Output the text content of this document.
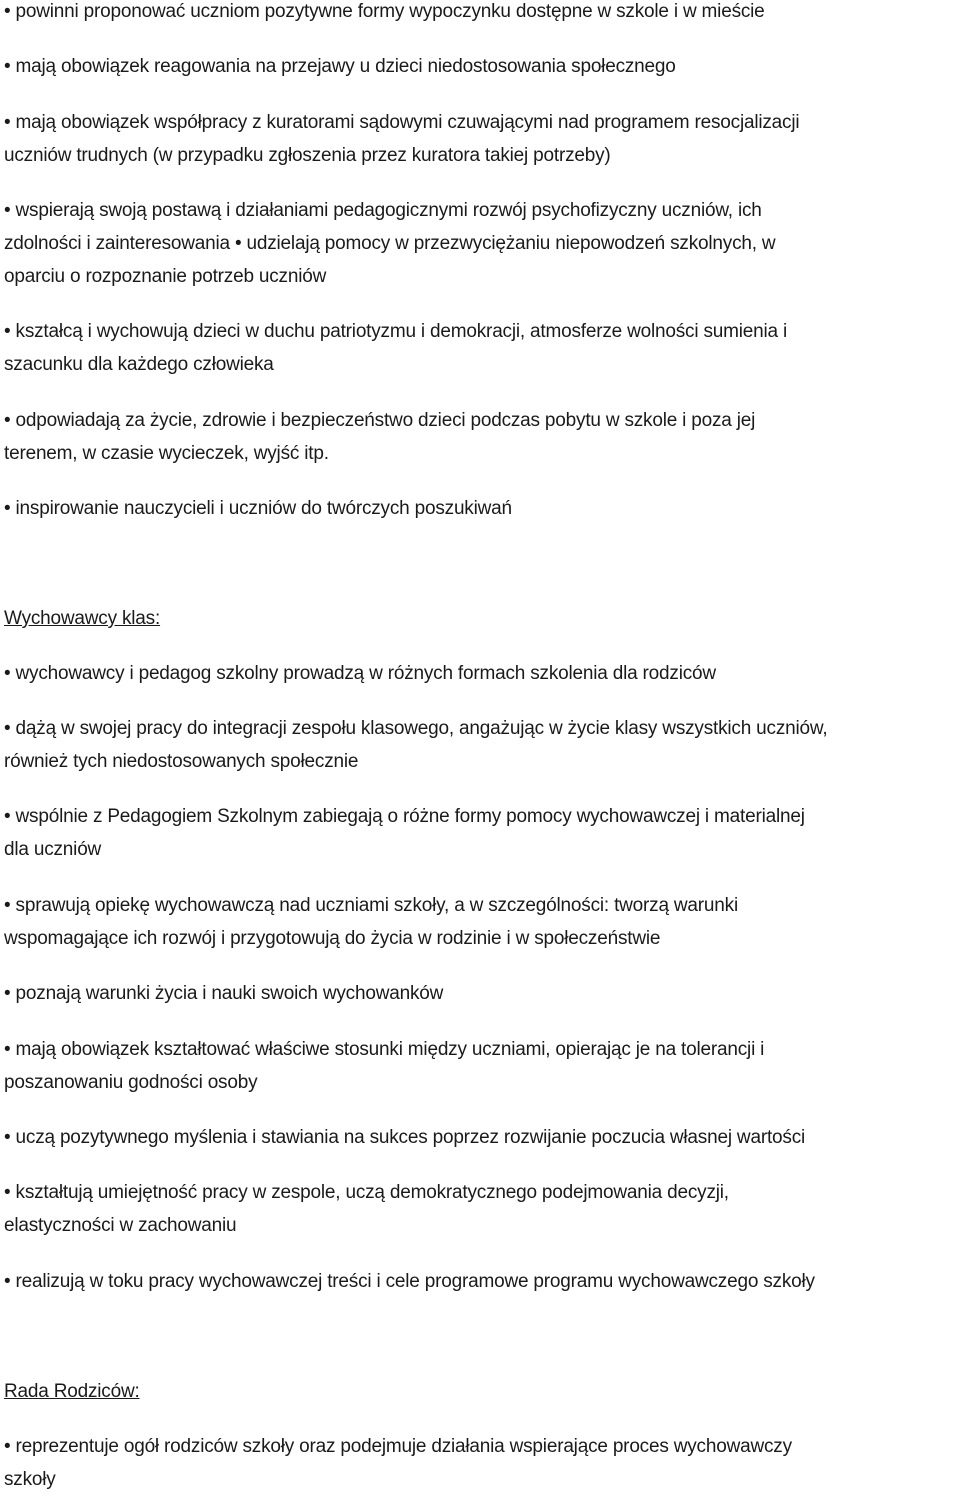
• powinni proponować uczniom pozytywne formy wypoczynku dostępne w szkole i w mieście
• mają obowiązek reagowania na przejawy u dzieci niedostosowania społecznego
• mają obowiązek współpracy z kuratorami sądowymi czuwającymi nad programem resocjalizacji
uczniów trudnych (w przypadku zgłoszenia przez kuratora takiej potrzeby)
• wspierają swoją postawą i działaniami pedagogicznymi rozwój psychofizyczny uczniów, ich
zdolności i zainteresowania • udzielają pomocy w przezwyciężaniu niepowodzeń szkolnych, w
oparciu o rozpoznanie potrzeb uczniów
• kształcą i wychowują dzieci w duchu patriotyzmu i demokracji, atmosferze wolności sumienia i
szacunku dla każdego człowieka
• odpowiadają za życie, zdrowie i bezpieczeństwo dzieci podczas pobytu w szkole i poza jej
terenem, w czasie wycieczek, wyjść itp.
• inspirowanie nauczycieli i uczniów do twórczych poszukiwań
Wychowawcy klas:
• wychowawcy i pedagog szkolny prowadzą w różnych formach szkolenia dla rodziców
• dążą w swojej pracy do integracji zespołu klasowego, angażując w życie klasy wszystkich uczniów,
również tych niedostosowanych społecznie
• wspólnie z Pedagogiem Szkolnym zabiegają o różne formy pomocy wychowawczej i materialnej
dla uczniów
• sprawują opiekę wychowawczą nad uczniami szkoły, a w szczególności: tworzą warunki
wspomagające ich rozwój i przygotowują do życia w rodzinie i w społeczeństwie
• poznają warunki życia i nauki swoich wychowanków
• mają obowiązek kształtować właściwe stosunki między uczniami, opierając je na tolerancji i
poszanowaniu godności osoby
• uczą pozytywnego myślenia i stawiania na sukces poprzez rozwijanie poczucia własnej wartości
• kształtują umiejętność pracy w zespole, uczą demokratycznego podejmowania decyzji,
elastyczności w zachowaniu
• realizują w toku pracy wychowawczej treści i cele programowe programu wychowawczego szkoły
Rada Rodziców:
• reprezentuje ogół rodziców szkoły oraz podejmuje działania wspierające proces wychowawczy
szkoły
